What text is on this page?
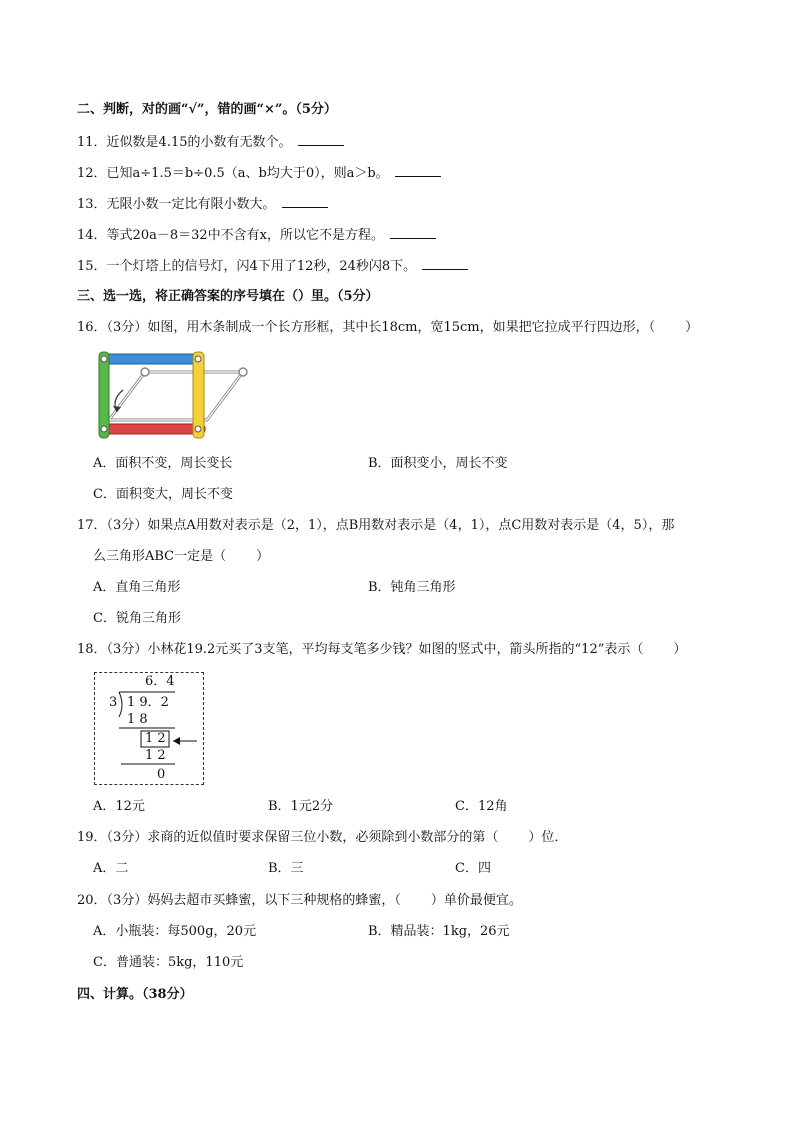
二、判断，对的画“√”，错的画“×”。（5分）
11．近似数是4.15的小数有无数个。
12．已知a÷1.5＝b÷0.5（a、b均大于0），则a＞b。
13．无限小数一定比有限小数大。
14．等式20a－8＝32中不含有x，所以它不是方程。
15．一个灯塔上的信号灯，闪4下用了12秒，24秒闪8下。
三、选一选，将正确答案的序号填在（）里。（5分）
16．（3分）如图，用木条制成一个长方形框，其中长18cm，宽15cm，如果把它拉成平行四边形，（ ）
A．面积不变，周长变长	B．面积变小，周长不变
C．面积变大，周长不变
17．（3分）如果点A用数对表示是（2，1），点B用数对表示是（4，1），点C用数对表示是（4，5），那
么三角形ABC一定是（ ）
A．直角三角形	B．钝角三角形
C．锐角三角形
18．（3分）小林花19.2元买了3支笔，平均每支笔多少钱？如图的竖式中，箭头所指的“12”表示（ ）
6．4
3 1 9．2
1 8
1 2
1 2
0
A．12元	B．1元2分	C．12角
19．（3分）求商的近似值时要求保留三位小数，必须除到小数部分的第（ ）位．
A．二	B．三	C．四
20．（3分）妈妈去超市买蜂蜜，以下三种规格的蜂蜜，（ ）单价最便宜。
A．小瓶装：每500g，20元	B．精品装：1kg，26元
C．普通装：5kg，110元
四、计算。（38分）
